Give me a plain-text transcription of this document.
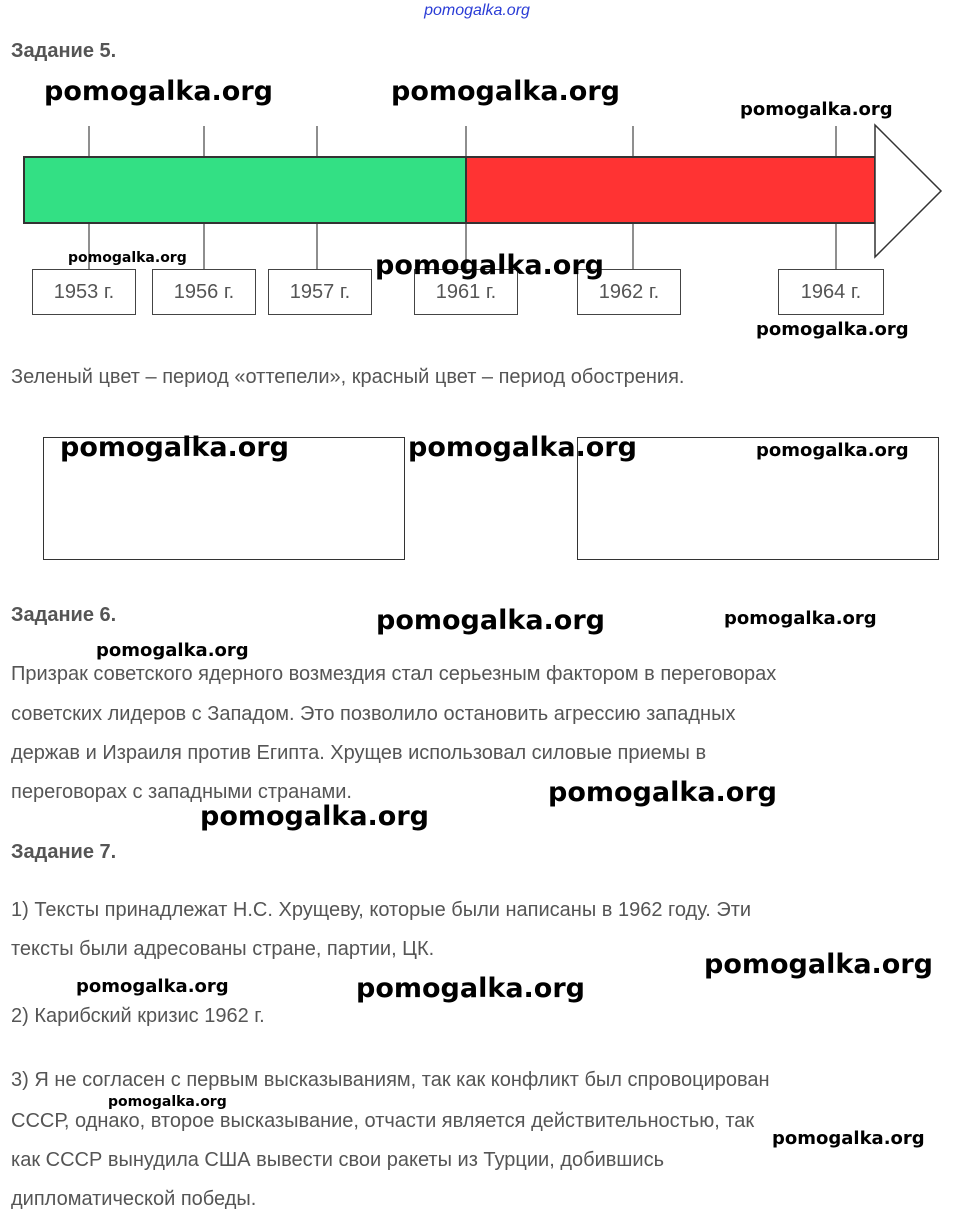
pomogalka.org
Задание 5.
1953 г.	1956 г.	1957 г.	1961 г.	1962 г.	1964 г.
Зеленый цвет – период «оттепели», красный цвет – период обострения.
Задание 6.
Призрак советского ядерного возмездия стал серьезным фактором в переговорах
советских лидеров с Западом. Это позволило остановить агрессию западных
держав и Израиля против Египта. Хрущев использовал силовые приемы в
переговорах с западными странами.
Задание 7.
1) Тексты принадлежат Н.С. Хрущеву, которые были написаны в 1962 году. Эти
тексты были адресованы стране, партии, ЦК.
2) Карибский кризис 1962 г.
3) Я не согласен с первым высказываниям, так как конфликт был спровоцирован
СССР, однако, второе высказывание, отчасти является действительностью, так
как СССР вынудила США вывести свои ракеты из Турции, добившись
дипломатической победы.
pomogalka.org	pomogalka.org
pomogalka.org
pomogalka.org	pomogalka.org
pomogalka.org
pomogalka.org	pomogalka.org	pomogalka.org
pomogalka.org	pomogalka.org
pomogalka.org
pomogalka.org
pomogalka.org
pomogalka.org
pomogalka.org	pomogalka.org
pomogalka.org
pomogalka.org
